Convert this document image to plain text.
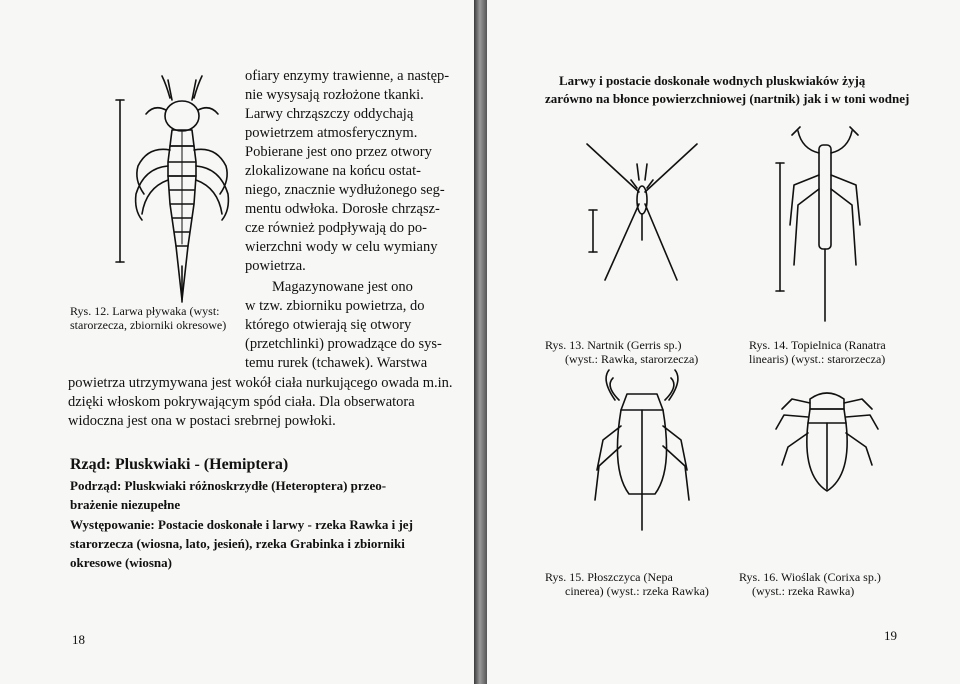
ofiary enzymy trawienne, a następ-
nie wysysają rozłożone tkanki.
Larwy chrząszczy oddychają
powietrzem atmosferycznym.
Pobierane jest ono przez otwory
zlokalizowane na końcu ostat-
niego, znacznie wydłużonego seg-
mentu odwłoka. Dorosłe chrząsz-
cze również podpływają do po-
wierzchni wody w celu wymiany
powietrza.
Magazynowane jest ono
w tzw. zbiorniku powietrza, do
którego otwierają się otwory
(przetchlinki) prowadzące do sys-
temu rurek (tchawek). Warstwa
powietrza utrzymywana jest wokół ciała nurkującego owada m.in.
dzięki włoskom pokrywającym spód ciała. Dla obserwatora
widoczna jest ona w postaci srebrnej powłoki.
Rys. 12. Larwa pływaka (wyst:
starorzecza, zbiorniki okresowe)
Rząd: Pluskwiaki - (Hemiptera)
Podrząd: Pluskwiaki różnoskrzydłe (Heteroptera) przeo-
brażenie niezupełne
Występowanie: Postacie doskonałe i larwy - rzeka Rawka i jej
starorzecza (wiosna, lato, jesień), rzeka Grabinka i zbiorniki
okresowe (wiosna)
18
Larwy i postacie doskonałe wodnych pluskwiaków żyją
zarówno na błonce powierzchniowej (nartnik) jak i w toni wodnej
Rys. 13. Nartnik (Gerris sp.)
(wyst.: Rawka, starorzecza)
Rys. 14. Topielnica (Ranatra
linearis) (wyst.: starorzecza)
Rys. 15. Płoszczyca (Nepa
cinerea) (wyst.: rzeka Rawka)
Rys. 16. Wioślak (Corixa sp.)
(wyst.: rzeka Rawka)
19
